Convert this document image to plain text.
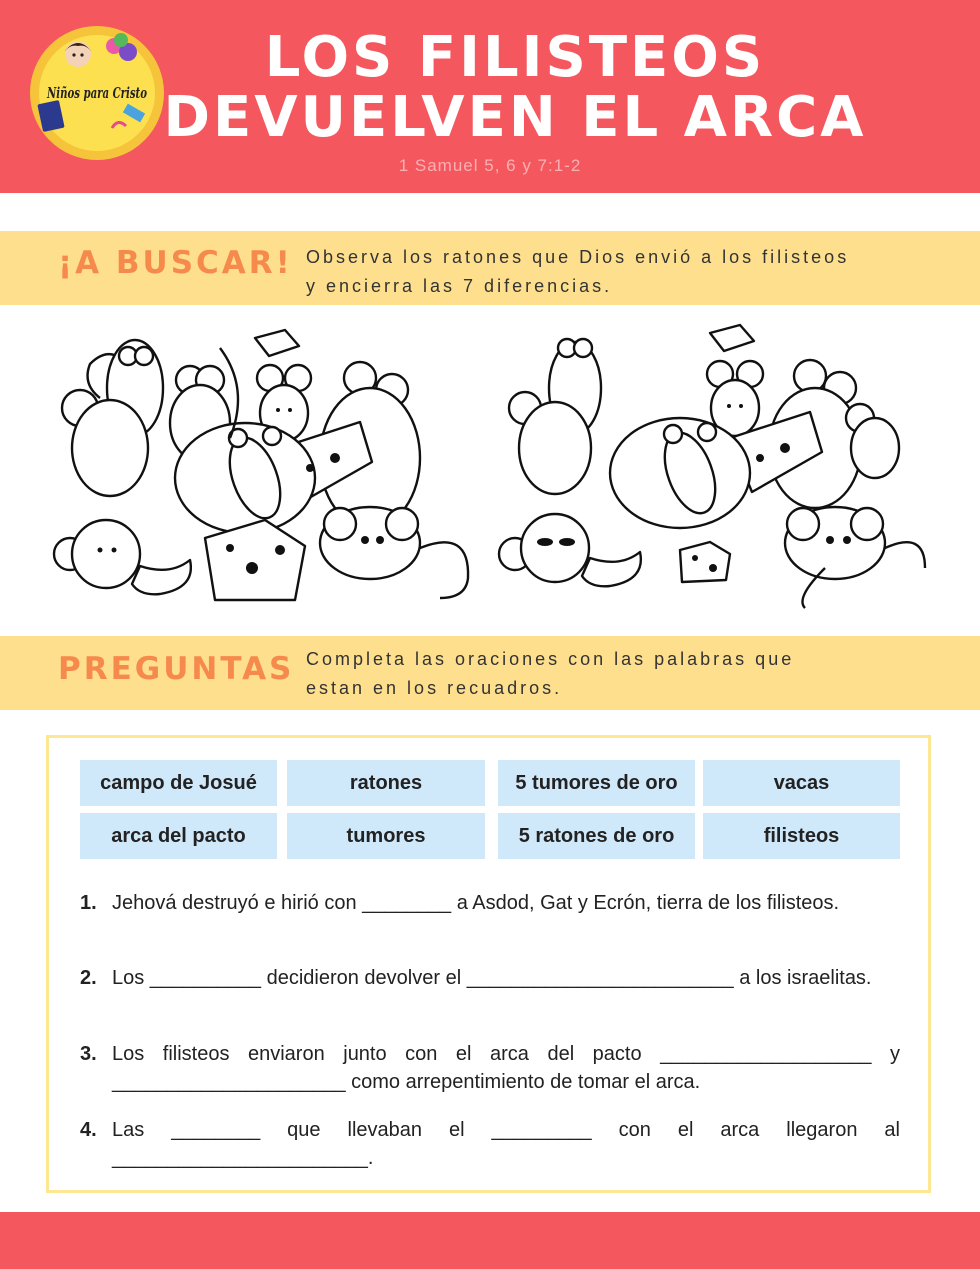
Niños para Cristo
LOS FILISTEOS
DEVUELVEN EL ARCA
1 Samuel 5, 6 y 7:1-2
¡A BUSCAR! Observa los ratones que Dios envió a los filisteos
y encierra las 7 diferencias.
PREGUNTAS Completa las oraciones con las palabras que
estan en los recuadros.
campo de Josué	ratones	5 tumores de oro	vacas
arca del pacto	tumores	5 ratones de oro	filisteos
1. Jehová destruyó e hirió con ________ a Asdod, Gat y Ecrón, tierra de los filisteos.
2. Los __________ decidieron devolver el ________________________ a los israelitas.
3. Los filisteos enviaron junto con el arca del pacto ___________________ y _____________________ como arrepentimiento de tomar el arca.
4. Las ________ que llevaban el _________ con el arca llegaron al _______________________.
